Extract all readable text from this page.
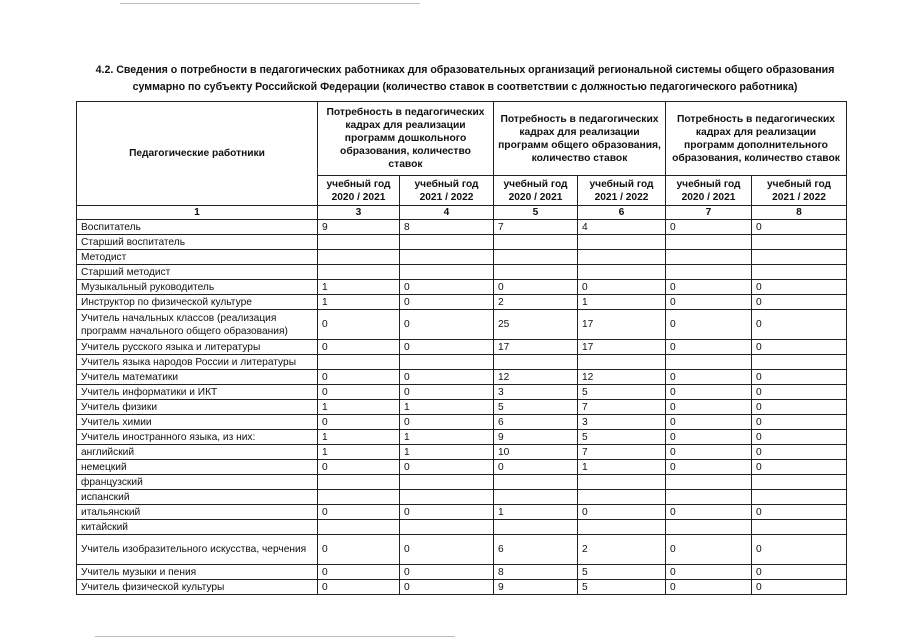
4.2. Сведения о потребности в педагогических работниках для образовательных организаций региональной системы общего образования
суммарно по субъекту Российской Федерации (количество ставок в соответствии с должностью педагогического работника)
Педагогические работники	Потребность в педагогических кадрах для реализации программ дошкольного образования, количество ставок		Потребность в педагогических кадрах для реализации программ общего образования, количество ставок		Потребность в педагогических кадрах для реализации программ дополнительного образования, количество ставок	
	учебный год 2020 / 2021	учебный год 2021 / 2022	учебный год 2020 / 2021	учебный год 2021 / 2022	учебный год 2020 / 2021	учебный год 2021 / 2022
1	3	4	5	6	7	8
Воспитатель	9	8	7	4	0	0
Старший воспитатель						
Методист						
Старший методист						
Музыкальный руководитель	1	0	0	0	0	0
Инструктор по физической культуре	1	0	2	1	0	0
Учитель начальных классов (реализация программ начального общего образования)	0	0	25	17	0	0
Учитель русского языка и литературы	0	0	17	17	0	0
Учитель языка народов России и литературы						
Учитель математики	0	0	12	12	0	0
Учитель информатики и ИКТ	0	0	3	5	0	0
Учитель физики	1	1	5	7	0	0
Учитель химии	0	0	6	3	0	0
Учитель иностранного языка, из них:	1	1	9	5	0	0
английский	1	1	10	7	0	0
немецкий	0	0	0	1	0	0
французский						
испанский						
итальянский	0	0	1	0	0	0
китайский						
Учитель изобразительного искусства, черчения	0	0	6	2	0	0
Учитель музыки и пения	0	0	8	5	0	0
Учитель физической культуры	0	0	9	5	0	0
